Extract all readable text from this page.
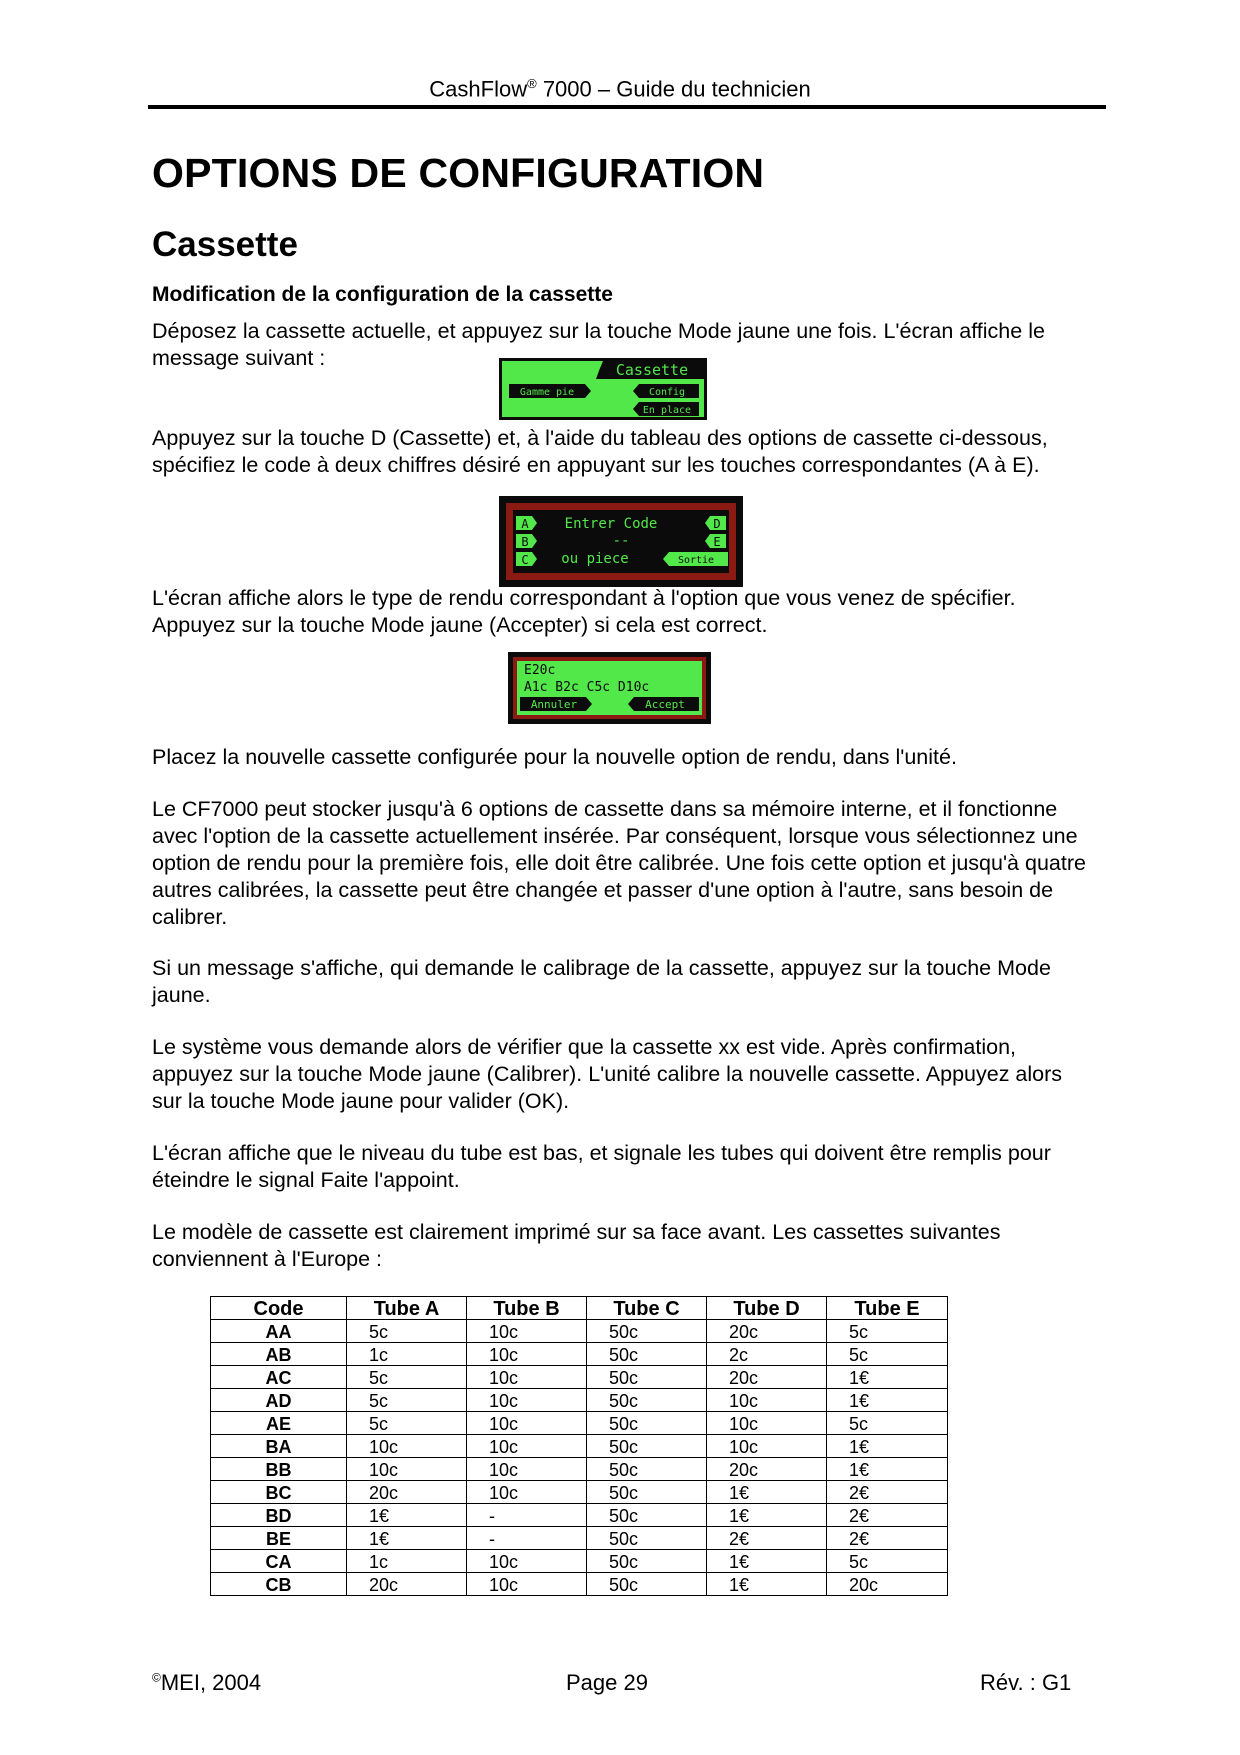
CashFlow® 7000 – Guide du technicien
OPTIONS DE CONFIGURATION
Cassette
Modification de la configuration de la cassette

Déposez la cassette actuelle, et appuyez sur la touche Mode jaune une fois. L'écran affiche le message suivant :	Cassette
Gamme pie	Config
En place

Appuyez sur la touche D (Cassette) et, à l'aide du tableau des options de cassette ci-dessous, spécifiez le code à deux chiffres désiré en appuyant sur les touches correspondantes (A à E).

A
B
C
D
E
Entrer Code
--
ou piece	Sortie

L'écran affiche alors le type de rendu correspondant à l'option que vous venez de spécifier. Appuyez sur la touche Mode jaune (Accepter) si cela est correct.

E20c
A1c B2c C5c D10c
Annuler	Accept

Placez la nouvelle cassette configurée pour la nouvelle option de rendu, dans l'unité.

Le CF7000 peut stocker jusqu'à 6 options de cassette dans sa mémoire interne, et il fonctionne avec l'option de la cassette actuellement insérée. Par conséquent, lorsque vous sélectionnez une option de rendu pour la première fois, elle doit être calibrée. Une fois cette option et jusqu'à quatre autres calibrées, la cassette peut être changée et passer d'une option à l'autre, sans besoin de calibrer.

Si un message s'affiche, qui demande le calibrage de la cassette, appuyez sur la touche Mode jaune.

Le système vous demande alors de vérifier que la cassette xx est vide. Après confirmation, appuyez sur la touche Mode jaune (Calibrer). L'unité calibre la nouvelle cassette. Appuyez alors sur la touche Mode jaune pour valider (OK).

L'écran affiche que le niveau du tube est bas, et signale les tubes qui doivent être remplis pour éteindre le signal Faite l'appoint.

Le modèle de cassette est clairement imprimé sur sa face avant. Les cassettes suivantes conviennent à l'Europe :

Code	Tube A	Tube B	Tube C	Tube D	Tube E
AA	5c	10c	50c	20c	5c
AB	1c	10c	50c	2c	5c
AC	5c	10c	50c	20c	1€
AD	5c	10c	50c	10c	1€
AE	5c	10c	50c	10c	5c
BA	10c	10c	50c	10c	1€
BB	10c	10c	50c	20c	1€
BC	20c	10c	50c	1€	2€
BD	1€	-	50c	1€	2€
BE	1€	-	50c	2€	2€
CA	1c	10c	50c	1€	5c
CB	20c	10c	50c	1€	20c
©MEI, 2004	Page 29	Rév. : G1
